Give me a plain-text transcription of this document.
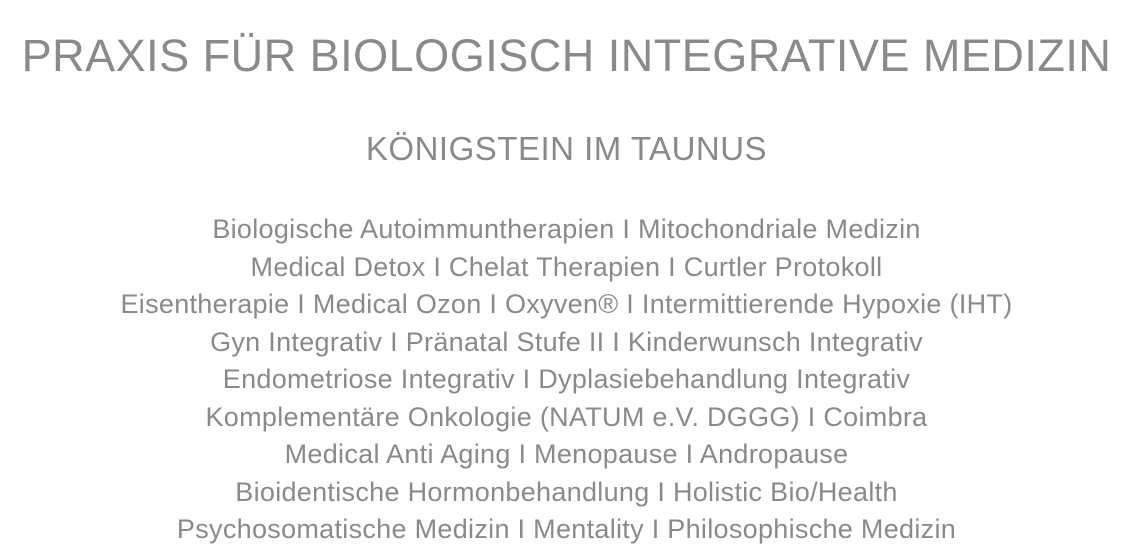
PRAXIS FÜR BIOLOGISCH INTEGRATIVE MEDIZIN
KÖNIGSTEIN IM TAUNUS

Biologische Autoimmuntherapien I Mitochondriale Medizin

Medical Detox I Chelat Therapien I Curtler Protokoll

Eisentherapie I Medical Ozon I Oxyven® I Intermittierende Hypoxie (IHT)

Gyn Integrativ I Pränatal Stufe II I Kinderwunsch Integrativ

Endometriose Integrativ I Dyplasiebehandlung Integrativ

Komplementäre Onkologie (NATUM e.V. DGGG) I Coimbra

Medical Anti Aging I Menopause I Andropause

Bioidentische Hormonbehandlung I Holistic Bio/Health

Psychosomatische Medizin I Mentality I Philosophische Medizin
